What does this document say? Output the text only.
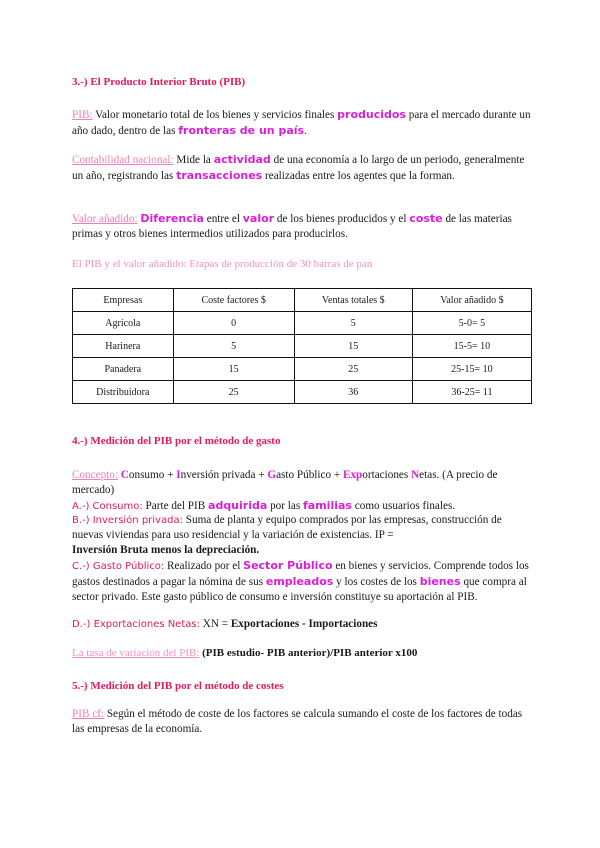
3.-) El Producto Interior Bruto (PIB)
PIB: Valor monetario total de los bienes y servicios finales producidos para el mercado durante un año dado, dentro de las fronteras de un país.
Contabilidad nacional: Mide la actividad de una economía a lo largo de un periodo, generalmente un año, registrando las transacciones realizadas entre los agentes que la forman.
Valor añadido: Diferencia entre el valor de los bienes producidos y el coste de las materias primas y otros bienes intermedios utilizados para producirlos.
El PIB y el valor añadido: Etapas de producción de 30 barras de pan
Empresas	Coste factores $	Ventas totales $	Valor añadido $
Agrícola	0	5	5-0= 5
Harinera	5	15	15-5= 10
Panadera	15	25	25-15= 10
Distribuidora	25	36	36-25= 11
4.-) Medición del PIB por el método de gasto
Concepto: Consumo + Inversión privada + Gasto Público + Exportaciones Netas. (A precio de mercado)
A.-) Consumo: Parte del PIB adquirida por las familias como usuarios finales.
B.-) Inversión privada: Suma de planta y equipo comprados por las empresas, construcción de nuevas viviendas para uso residencial y la variación de existencias. IP =
Inversión Bruta menos la depreciación.
C.-) Gasto Público: Realizado por el Sector Público en bienes y servicios. Comprende todos los gastos destinados a pagar la nómina de sus empleados y los costes de los bienes que compra al sector privado. Este gasto público de consumo e inversión constituye su aportación al PIB.
D.-) Exportaciones Netas: XN = Exportaciones - Importaciones
La tasa de variación del PIB: (PIB estudio- PIB anterior)/PIB anterior x100
5.-) Medición del PIB por el método de costes
PIB cf: Según el método de coste de los factores se calcula sumando el coste de los factores de todas las empresas de la economía.
